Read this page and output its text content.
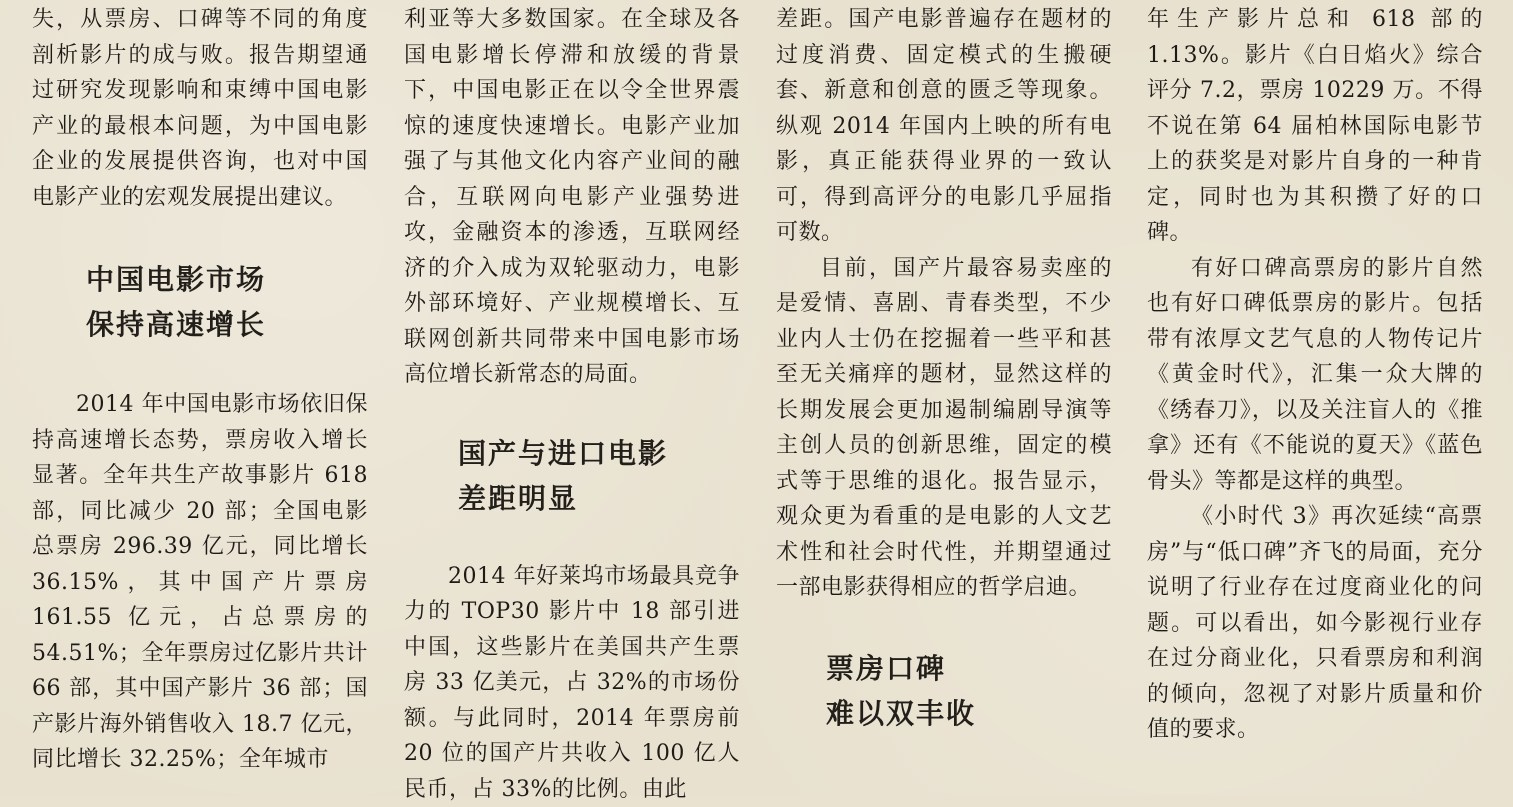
失，从票房、口碑等不同的角度剖析影片的成与败。报告期望通过研究发现影响和束缚中国电影产业的最根本问题，为中国电影企业的发展提供咨询，也对中国电影产业的宏观发展提出建议。

中国电影市场
保持高速增长

2014 年中国电影市场依旧保持高速增长态势，票房收入增长显著。全年共生产故事影片 618 部，同比减少 20 部；全国电影总票房 296.39 亿元，同比增长 36.15%，其中国产片票房 161.55 亿元，占总票房的 54.51%；全年票房过亿影片共计 66 部，其中国产影片 36 部；国产影片海外销售收入 18.7 亿元，同比增长 32.25%；全年城市

利亚等大多数国家。在全球及各国电影增长停滞和放缓的背景下，中国电影正在以令全世界震惊的速度快速增长。电影产业加强了与其他文化内容产业间的融合，互联网向电影产业强势进攻，金融资本的渗透，互联网经济的介入成为双轮驱动力，电影外部环境好、产业规模增长、互联网创新共同带来中国电影市场高位增长新常态的局面。

国产与进口电影
差距明显

2014 年好莱坞市场最具竞争力的 TOP30 影片中 18 部引进中国，这些影片在美国共产生票房 33 亿美元，占 32%的市场份额。与此同时，2014 年票房前 20 位的国产片共收入 100 亿人民币，占 33%的比例。由此

差距。国产电影普遍存在题材的过度消费、固定模式的生搬硬套、新意和创意的匮乏等现象。纵观 2014 年国内上映的所有电影，真正能获得业界的一致认可，得到高评分的电影几乎屈指可数。

目前，国产片最容易卖座的是爱情、喜剧、青春类型，不少业内人士仍在挖掘着一些平和甚至无关痛痒的题材，显然这样的长期发展会更加遏制编剧导演等主创人员的创新思维，固定的模式等于思维的退化。报告显示，观众更为看重的是电影的人文艺术性和社会时代性，并期望通过一部电影获得相应的哲学启迪。

票房口碑
难以双丰收

年生产影片总和 618 部的 1.13%。影片《白日焰火》综合评分 7.2，票房 10229 万。不得不说在第 64 届柏林国际电影节上的获奖是对影片自身的一种肯定，同时也为其积攒了好的口碑。

有好口碑高票房的影片自然也有好口碑低票房的影片。包括带有浓厚文艺气息的人物传记片《黄金时代》，汇集一众大牌的《绣春刀》，以及关注盲人的《推拿》还有《不能说的夏天》《蓝色骨头》等都是这样的典型。

《小时代 3》再次延续“高票房”与“低口碑”齐飞的局面，充分说明了行业存在过度商业化的问题。可以看出，如今影视行业存在过分商业化，只看票房和利润的倾向，忽视了对影片质量和价值的要求。
